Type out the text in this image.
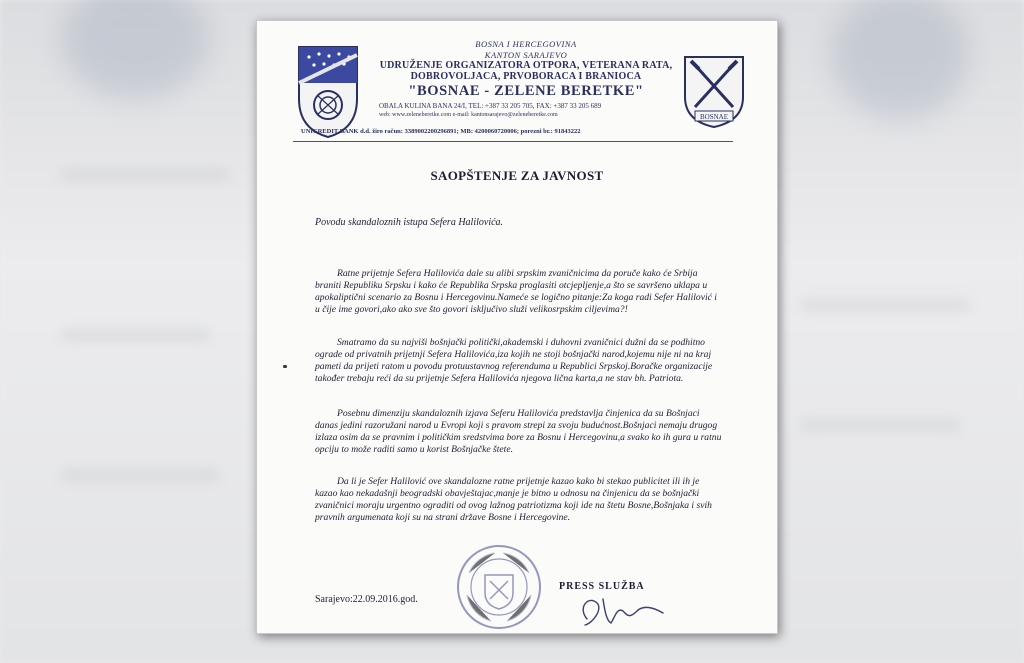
BOSNA I HERCEGOVINA
KANTON SARAJEVO
UDRUŽENJE ORGANIZATORA OTPORA, VETERANA RATA,
DOBROVOLJACA, PRVOBORACA I BRANIOCA
"BOSNAE - ZELENE BERETKE"
OBALA KULINA BANA 24/I, TEL: +387 33 205 705, FAX: +387 33 205 689
web: www.zeleneberetke.com e-mail: kantonsarajevo@zeleneberetke.com	BOSNAE
UNICREDIT BANK d.d. žiro račun: 3389002200296891; MB: 4200060720006; porezni br.: 91843222
SAOPŠTENJE ZA JAVNOST
Povodu skandaloznih istupa Sefera Halilovića.
Ratne prijetnje Sefera Halilovića dale su alibi srpskim zvaničnicima da poruče kako će Srbija braniti Republiku Srpsku i kako će Republika Srpska proglasiti otcjepljenje,a što se savršeno uklapa u apokaliptični scenario za Bosnu i Hercegovinu.Nameće se logično pitanje:Za koga radi Sefer Halilović i u čije ime govori,ako ako sve što govori isključivo služi velikosrpskim ciljevima?!
Smatramo da su najviši bošnjački politički,akademski i duhovni zvaničnici dužni da se podhitno ograde od privatnih prijetnji Sefera Halilovića,iza kojih ne stoji bošnjački narod,kojemu nije ni na kraj pameti da prijeti ratom u povodu protuustavnog referenduma u Republici Srpskoj.Boračke organizacije također trebaju reći da su prijetnje Sefera Halilovića njegova lična karta,a ne stav bh. Patriota.
Posebnu dimenziju skandaloznih izjava Seferu Halilovića predstavlja činjenica da su Bošnjaci danas jedini razoružani narod u Evropi koji s pravom strepi za svoju budućnost.Bošnjaci nemaju drugog izlaza osim da se pravnim i političkim sredstvima bore za Bosnu i Hercegovinu,a svako ko ih gura u ratnu opciju to može raditi samo u korist Bošnjačke štete.
Da li je Sefer Halilović ove skandalozne ratne prijetnje kazao kako bi stekao publicitet ili ih je kazao kao nekadašnji beogradski obavještajac,manje je bitno u odnosu na činjenicu da se bošnjački zvaničnici moraju urgentno ograditi od ovog lažnog patriotizma koji ide na štetu Bosne,Bošnjaka i svih pravnih argumenata koji su na strani države Bosne i Hercegovine.
Sarajevo:22.09.2016.god.
PRESS SLUŽBA
